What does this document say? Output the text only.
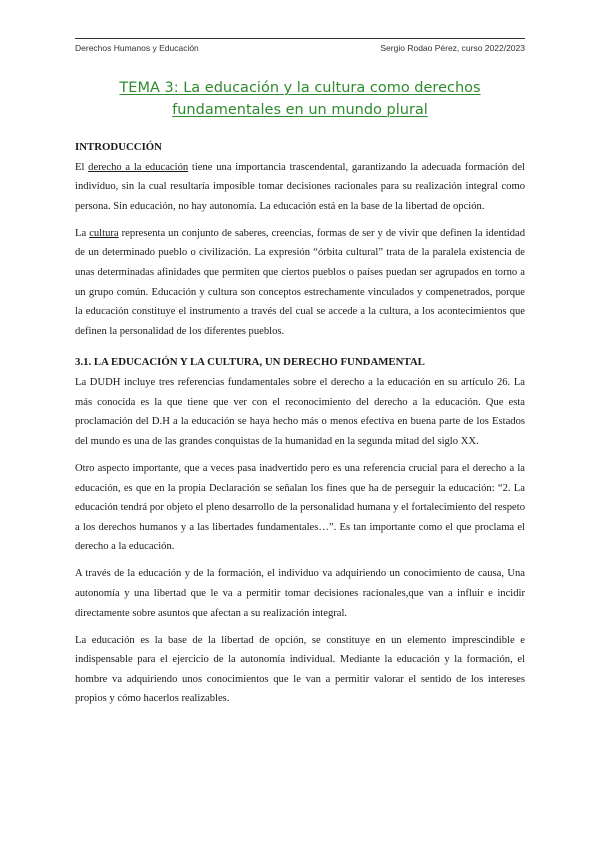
Derechos Humanos y Educación	Sergio Rodao Pérez, curso 2022/2023
TEMA 3: La educación y la cultura como derechos fundamentales en un mundo plural
INTRODUCCIÓN

El derecho a la educación tiene una importancia trascendental, garantizando la adecuada formación del individuo, sin la cual resultaría imposible tomar decisiones racionales para su realización integral como persona. Sin educación, no hay autonomía. La educación está en la base de la libertad de opción.

La cultura representa un conjunto de saberes, creencias, formas de ser y de vivir que definen la identidad de un determinado pueblo o civilización. La expresión “órbita cultural” trata de la paralela existencia de unas determinadas afinidades que permiten que ciertos pueblos o países puedan ser agrupados en torno a un grupo común. Educación y cultura son conceptos estrechamente vinculados y compenetrados, porque la educación constituye el instrumento a través del cual se accede a la cultura, a los acontecimientos que definen la personalidad de los diferentes pueblos.

3.1. LA EDUCACIÓN Y LA CULTURA, UN DERECHO FUNDAMENTAL

La DUDH incluye tres referencias fundamentales sobre el derecho a la educación en su artículo 26. La más conocida es la que tiene que ver con el reconocimiento del derecho a la educación. Que esta proclamación del D.H a la educación se haya hecho más o menos efectiva en buena parte de los Estados del mundo es una de las grandes conquistas de la humanidad en la segunda mitad del siglo XX.

Otro aspecto importante, que a veces pasa inadvertido pero es una referencia crucial para el derecho a la educación, es que en la propia Declaración se señalan los fines que ha de perseguir la educación: “2. La educación tendrá por objeto el pleno desarrollo de la personalidad humana y el fortalecimiento del respeto a los derechos humanos y a las libertades fundamentales…”. Es tan importante como el que proclama el derecho a la educación.

A través de la educación y de la formación, el individuo va adquiriendo un conocimiento de causa, Una autonomía y una libertad que le va a permitir tomar decisiones racionales,que van a influir e incidir directamente sobre asuntos que afectan a su realización integral.

La educación es la base de la libertad de opción, se constituye en un elemento imprescindible e indispensable para el ejercicio de la autonomía individual. Mediante la educación y la formación, el hombre va adquiriendo unos conocimientos que le van a permitir valorar el sentido de los intereses propios y cómo hacerlos realizables.
